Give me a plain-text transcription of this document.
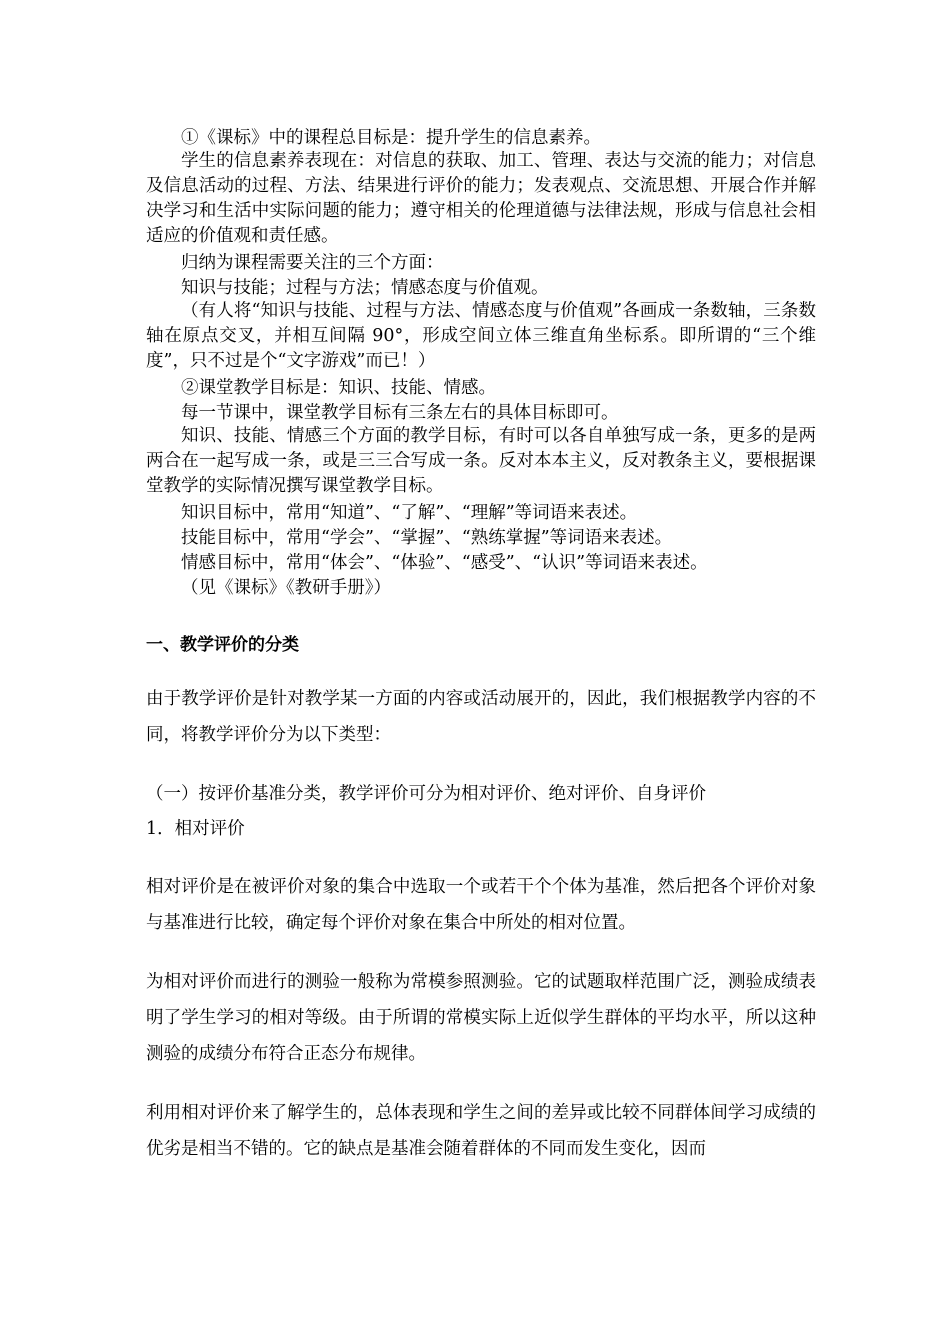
①《课标》中的课程总目标是：提升学生的信息素养。
学生的信息素养表现在：对信息的获取、加工、管理、表达与交流的能力；对信息及信息活动的过程、方法、结果进行评价的能力；发表观点、交流思想、开展合作并解决学习和生活中实际问题的能力；遵守相关的伦理道德与法律法规，形成与信息社会相适应的价值观和责任感。
归纳为课程需要关注的三个方面：
知识与技能；过程与方法；情感态度与价值观。
（有人将“知识与技能、过程与方法、情感态度与价值观”各画成一条数轴，三条数轴在原点交叉，并相互间隔 90°，形成空间立体三维直角坐标系。即所谓的“三个维度”，只不过是个“文字游戏”而已！）
②课堂教学目标是：知识、技能、情感。
每一节课中，课堂教学目标有三条左右的具体目标即可。
知识、技能、情感三个方面的教学目标，有时可以各自单独写成一条，更多的是两两合在一起写成一条，或是三三合写成一条。反对本本主义，反对教条主义，要根据课堂教学的实际情况撰写课堂教学目标。
知识目标中，常用“知道”、“了解”、“理解”等词语来表述。
技能目标中，常用“学会”、“掌握”、“熟练掌握”等词语来表述。
情感目标中，常用“体会”、“体验”、“感受”、“认识”等词语来表述。
（见《课标》《教研手册》）
一、教学评价的分类
由于教学评价是针对教学某一方面的内容或活动展开的，因此，我们根据教学内容的不同，将教学评价分为以下类型：
（一）按评价基准分类，教学评价可分为相对评价、绝对评价、自身评价
1．相对评价
相对评价是在被评价对象的集合中选取一个或若干个个体为基准，然后把各个评价对象与基准进行比较，确定每个评价对象在集合中所处的相对位置。
为相对评价而进行的测验一般称为常模参照测验。它的试题取样范围广泛，测验成绩表明了学生学习的相对等级。由于所谓的常模实际上近似学生群体的平均水平，所以这种测验的成绩分布符合正态分布规律。
利用相对评价来了解学生的，总体表现和学生之间的差异或比较不同群体间学习成绩的优劣是相当不错的。它的缺点是基准会随着群体的不同而发生变化，因而
